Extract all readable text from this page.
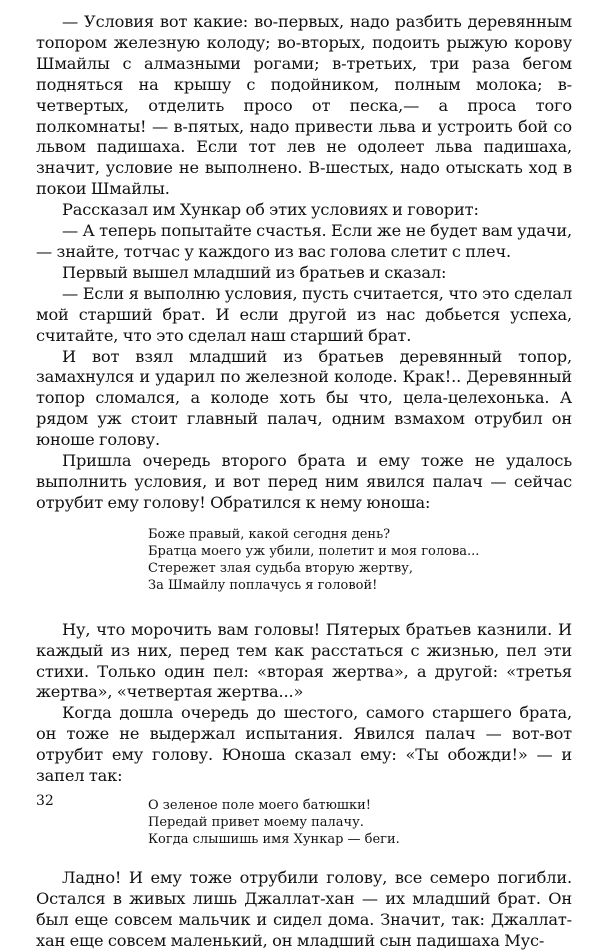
— Условия вот какие: во-первых, надо разбить деревянным топором железную колоду; во-вторых, подоить рыжую корову Шмайлы с алмазными рогами; в-третьих, три раза бегом подняться на крышу с подойником, полным молока; в-четвертых, отделить просо от песка,— а проса того полкомнаты! — в-пятых, надо привести льва и устроить бой со львом падишаха. Если тот лев не одолеет льва падишаха, значит, условие не выполнено. В-шестых, надо отыскать ход в покои Шмайлы.

Рассказал им Хункар об этих условиях и говорит:

— А теперь попытайте счастья. Если же не будет вам удачи,— знайте, тотчас у каждого из вас голова слетит с плеч.

Первый вышел младший из братьев и сказал:

— Если я выполню условия, пусть считается, что это сделал мой старший брат. И если другой из нас добьется успеха, считайте, что это сделал наш старший брат.

И вот взял младший из братьев деревянный топор, замахнулся и ударил по железной колоде. Крак!.. Деревянный топор сломался, а колоде хоть бы что, цела-целехонька. А рядом уж стоит главный палач, одним взмахом отрубил он юноше голову.

Пришла очередь второго брата и ему тоже не удалось выполнить условия, и вот перед ним явился палач — сейчас отрубит ему голову! Обратился к нему юноша:

Боже правый, какой сегодня день?
Братца моего уж убили, полетит и моя голова...
Стережет злая судьба вторую жертву,
За Шмайлу поплачусь я головой!

Ну, что морочить вам головы! Пятерых братьев казнили. И каждый из них, перед тем как расстаться с жизнью, пел эти стихи. Только один пел: «вторая жертва», а другой: «третья жертва», «четвертая жертва...»

Когда дошла очередь до шестого, самого старшего брата, он тоже не выдержал испытания. Явился палач — вот-вот отрубит ему голову. Юноша сказал ему: «Ты обожди!» — и запел так:

О зеленое поле моего батюшки!
Передай привет моему палачу.
Когда слышишь имя Хункар — беги.

Ладно! И ему тоже отрубили голову, все семеро погибли. Остался в живых лишь Джаллат-хан — их младший брат. Он был еще совсем мальчик и сидел дома. Значит, так: Джаллат-хан еще совсем маленький, он младший сын падишаха Мус-

32
